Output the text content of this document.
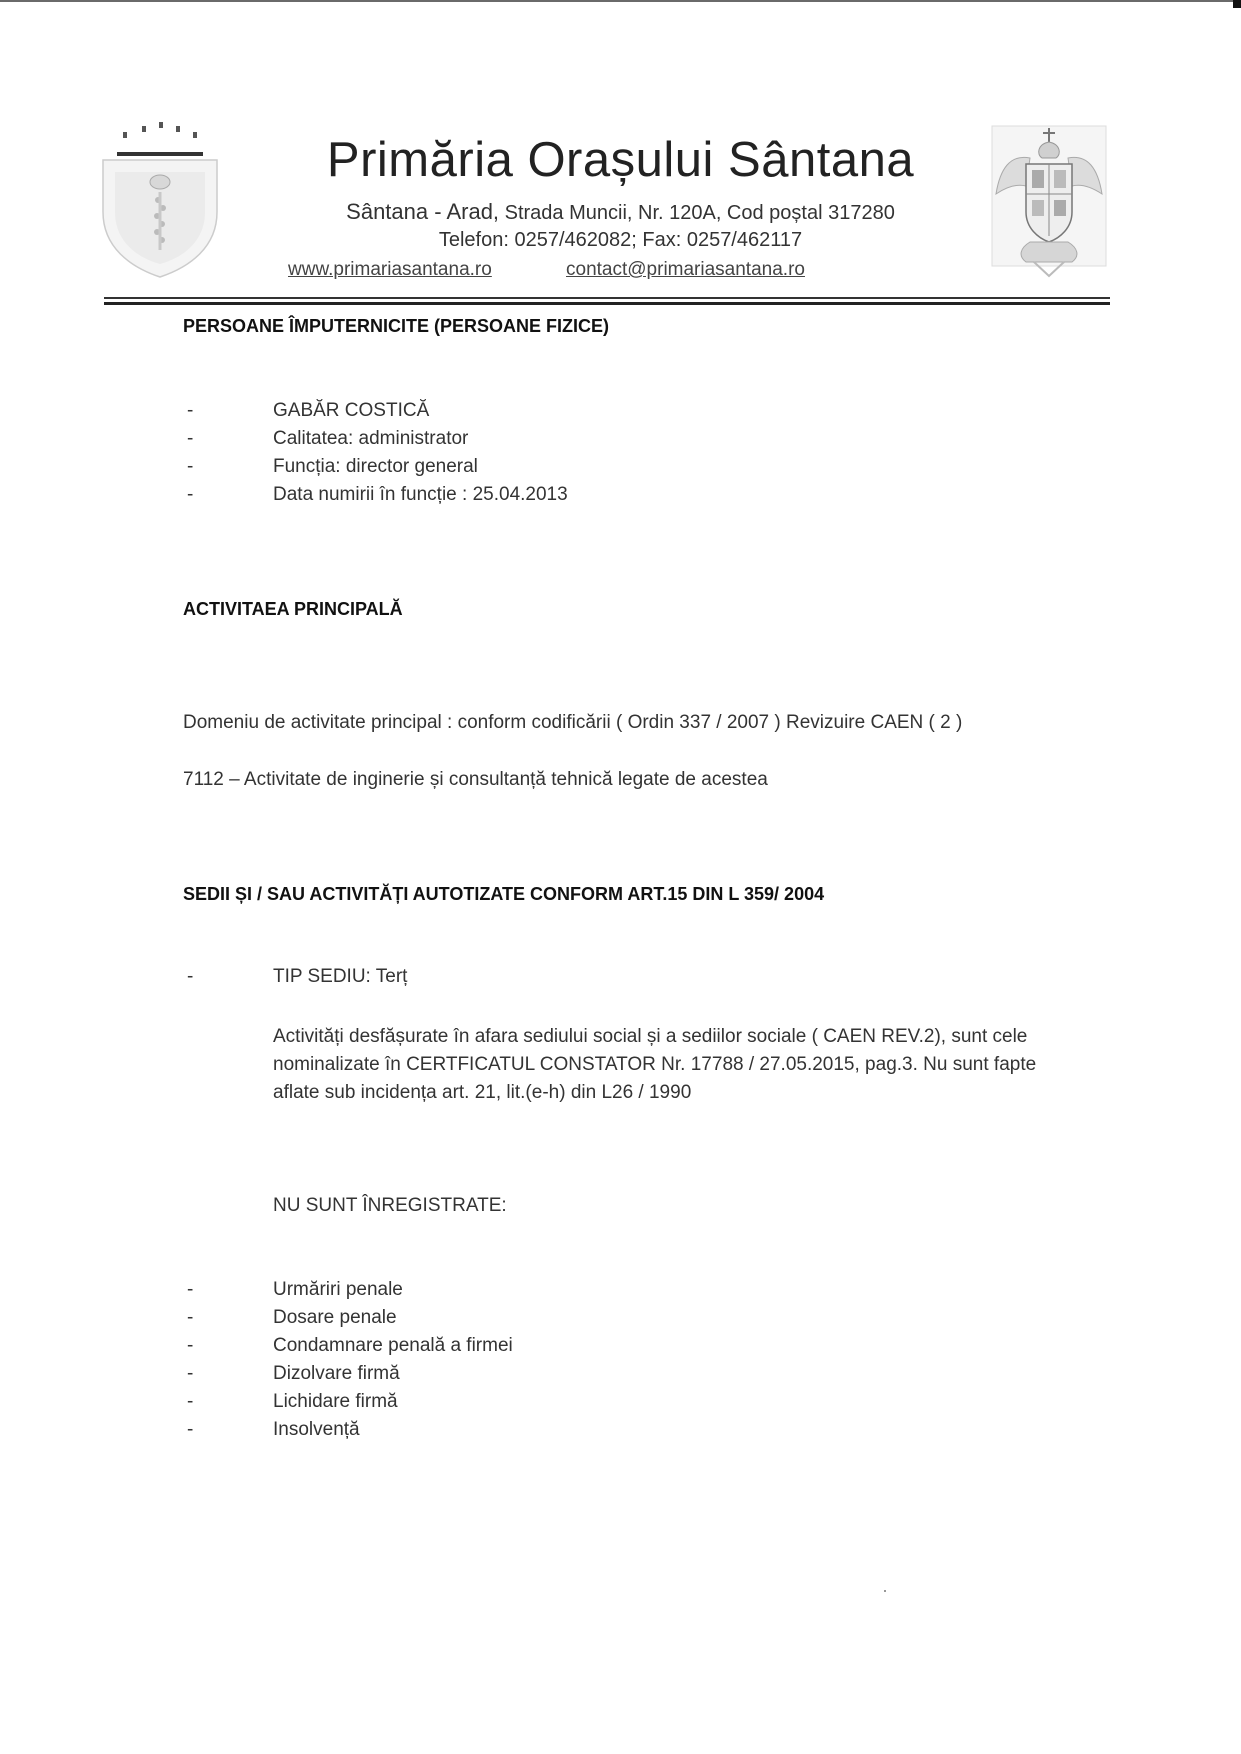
Primăria Orașului Sântana
Sântana - Arad, Strada Muncii, Nr. 120A, Cod poștal 317280
Telefon: 0257/462082; Fax: 0257/462117
www.primariasantana.ro	contact@primariasantana.ro
PERSOANE ÎMPUTERNICITE (PERSOANE FIZICE)
-	GABĂR COSTICĂ
-	Calitatea: administrator
-	Funcția: director general
-	Data numirii în funcție : 25.04.2013
ACTIVITAEA PRINCIPALĂ
Domeniu de activitate principal : conform codificării ( Ordin 337 / 2007 ) Revizuire CAEN ( 2 )
7112 – Activitate de inginerie și consultanță tehnică legate de acestea
SEDII ȘI / SAU ACTIVITĂȚI AUTOTIZATE CONFORM ART.15 DIN L 359/ 2004
-	TIP SEDIU: Terț
Activități desfășurate în afara sediului social și a sediilor sociale ( CAEN REV.2), sunt cele
nominalizate în CERTFICATUL CONSTATOR Nr. 17788 / 27.05.2015, pag.3. Nu sunt fapte
aflate sub incidența art. 21, lit.(e-h) din L26 / 1990
NU SUNT ÎNREGISTRATE:
-	Urmăriri penale
-	Dosare penale
-	Condamnare penală a firmei
-	Dizolvare firmă
-	Lichidare firmă
-	Insolvență
